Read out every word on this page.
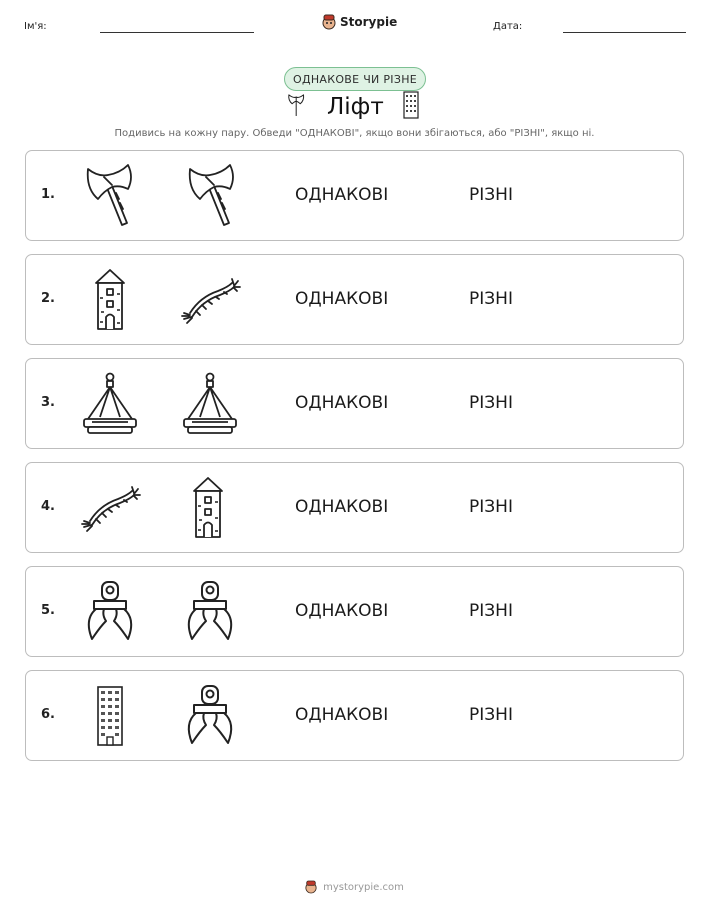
Ім'я:	Storypie	Дата:
ОДНАКОВЕ ЧИ РІЗНЕ
Ліфт
Подивись на кожну пару. Обведи "ОДНАКОВІ", якщо вони збігаються, або "РІЗНІ", якщо ні.
1.	ОДНАКОВІ	РІЗНІ
2.	ОДНАКОВІ	РІЗНІ
3.	ОДНАКОВІ	РІЗНІ
4.	ОДНАКОВІ	РІЗНІ
5.	ОДНАКОВІ	РІЗНІ
6.	ОДНАКОВІ	РІЗНІ
mystorypie.com
